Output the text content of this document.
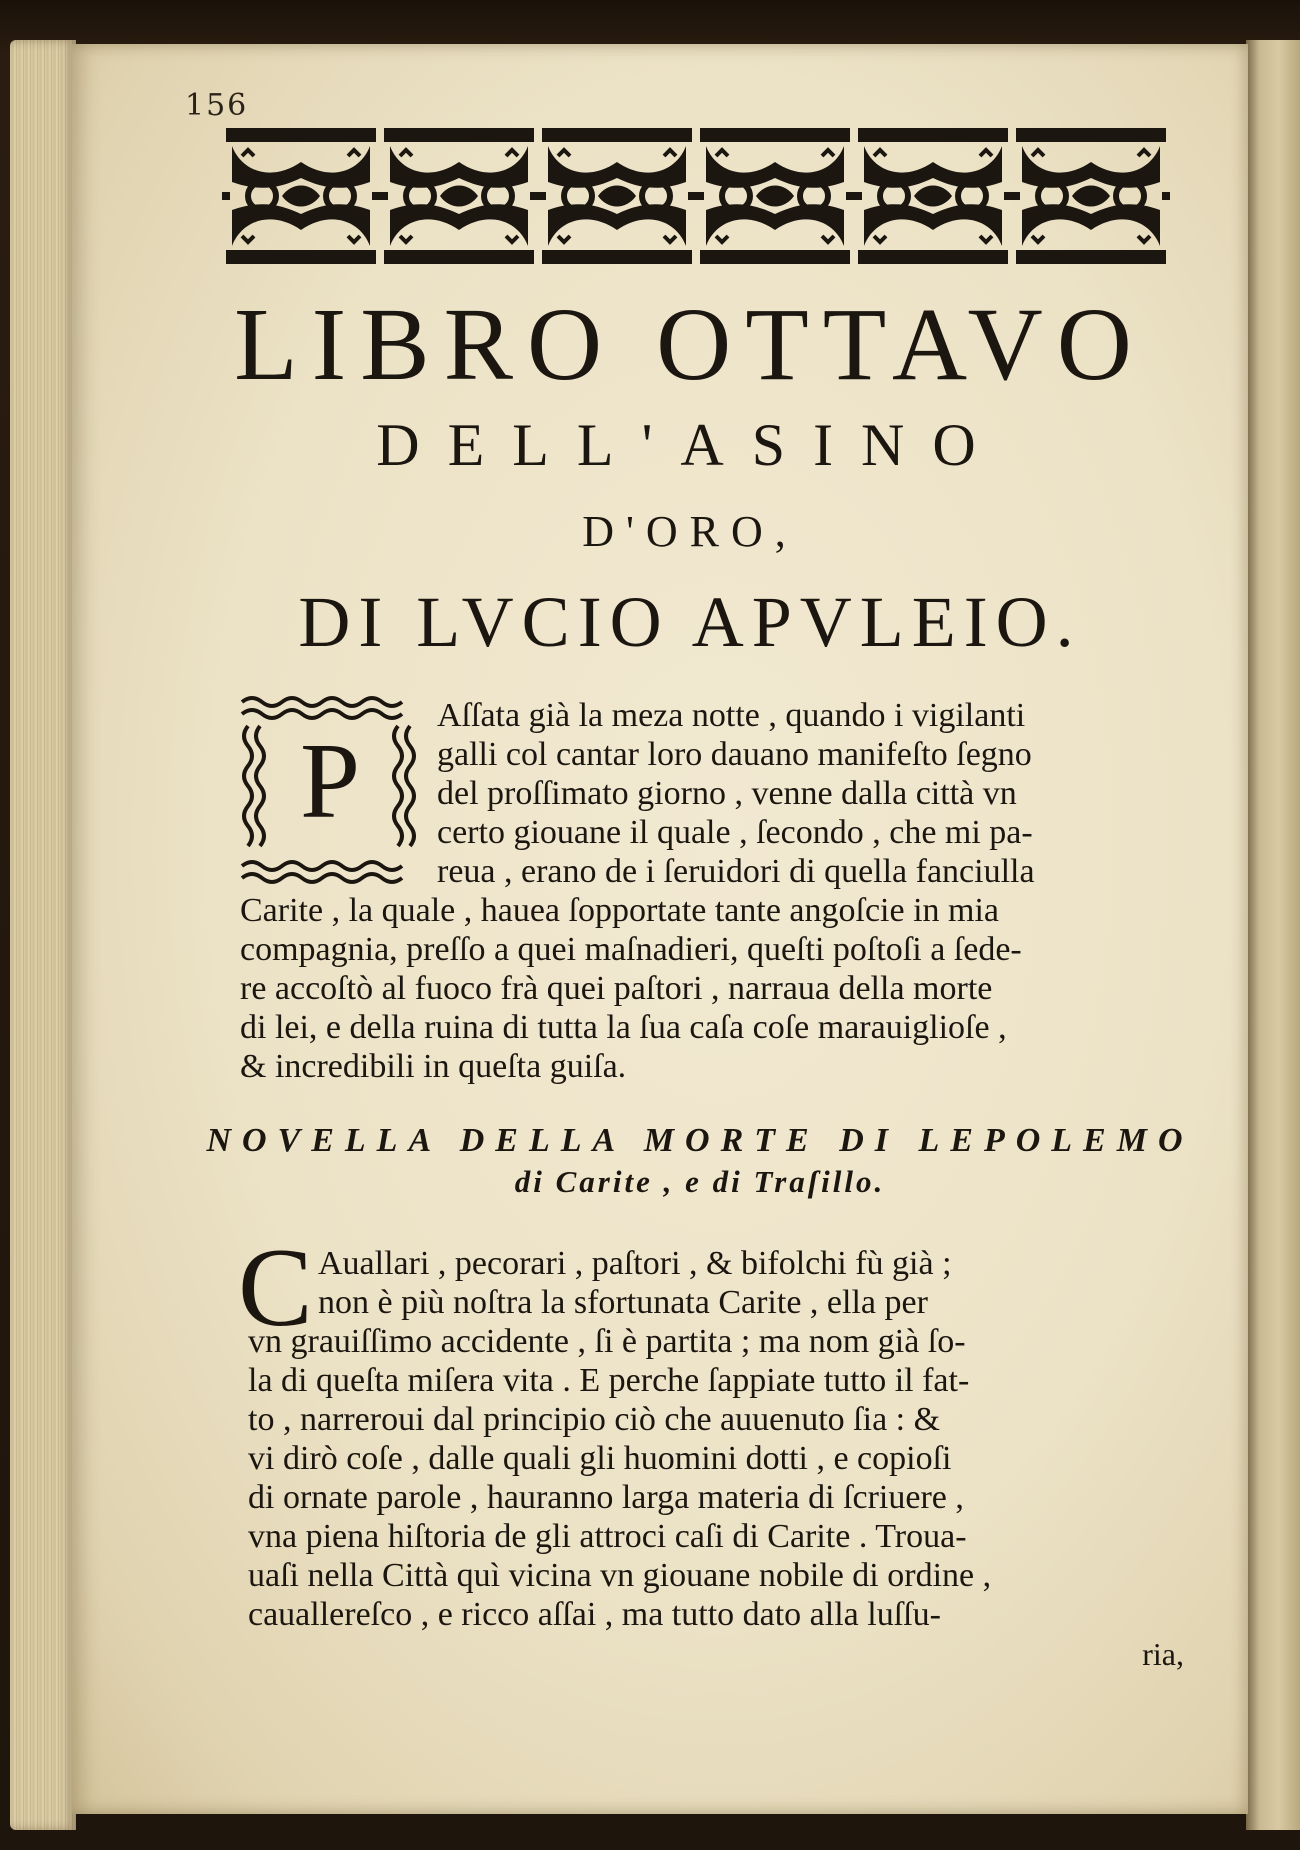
156
LIBRO OTTAVO
DELL'ASINO
D'ORO,
DI LVCIO APVLEIO.
P
Aſſata già la meza notte , quando i vigilanti
galli col cantar loro dauano manifeſto ſegno
del proſſimato giorno , venne dalla città vn
certo giouane il quale , ſecondo , che mi pa-
reua , erano de i ſeruidori di quella fanciulla
Carite , la quale , hauea ſopportate tante angoſcie in mia
compagnia, preſſo a quei maſnadieri, queſti poſtoſi a ſede-
re accoſtò al fuoco frà quei paſtori , narraua della morte
di lei, e della ruina di tutta la ſua caſa coſe marauiglioſe ,
& incredibili in queſta guiſa.
NOVELLA DELLA MORTE DI LEPOLEMO
di Carite , e di Traſillo.
C Auallari , pecorari , paſtori , & bifolchi fù già ;
non è più noſtra la sfortunata Carite , ella per
vn grauiſſimo accidente , ſi è partita ; ma nom già ſo-
la di queſta miſera vita . E perche ſappiate tutto il fat-
to , narreroui dal principio ciò che auuenuto ſia : &
vi dirò coſe , dalle quali gli huomini dotti , e copioſi
di ornate parole , hauranno larga materia di ſcriuere ,
vna piena hiſtoria de gli attroci caſi di Carite . Troua-
uaſi nella Città quì vicina vn giouane nobile di ordine ,
cauallereſco , e ricco aſſai , ma tutto dato alla luſſu-
ria,
